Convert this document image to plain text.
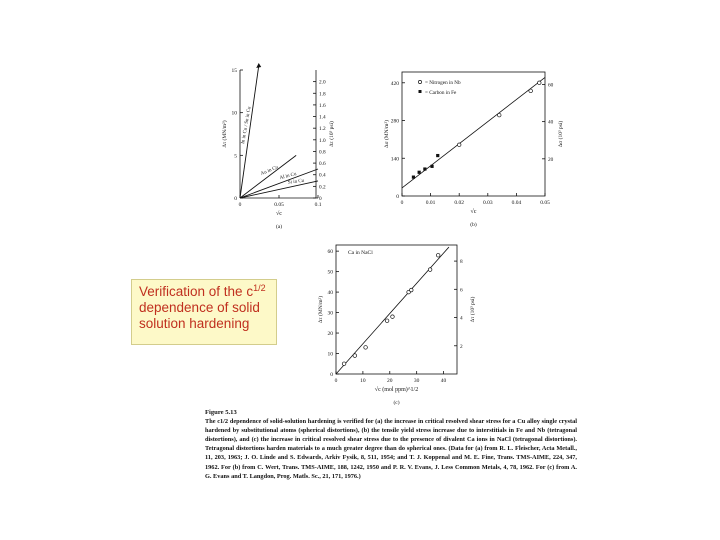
0	0.05	0.1
0
5
10
15
0
0.2
0.4
0.6
0.8
1.0
1.2
1.4
1.6
1.8
2.0
√c
Δτ (MN/m²)	Δτ (10³ psi)
(a)
In in Cu / Sn in Cu
Au in Cu Al in Cu
Si in Cu
0	0.01	0.02	0.03	0.04	0.05
0
140
280
420
20
40
60
√c
Δσ (MN/m²)	Δσ (10³ psi)
(b)
= Nitrogen in Nb
= Carbon in Fe
0	10	20	30	40
0
10
20
30
40
50
60
2
4
6
8
√c (mol ppm)^1/2
Δτ (MN/m²)	Δτ (10³ psi)
(c)
Ca in NaCl
Verification of the $c^{1/2}$
dependence of solid
solution hardening
Figure 5.13
The c1/2 dependence of solid-solution hardening is verified for (a) the increase in critical resolved shear stress for a Cu alloy single crystal hardened by substitutional atoms (spherical distortions), (b) the tensile yield stress increase due to interstitials in Fe and Nb (tetragonal distortions), and (c) the increase in critical resolved shear stress due to the presence of divalent Ca ions in NaCl (tetragonal distortions). Tetragonal distortions harden materials to a much greater degree than do spherical ones. (Data for (a) from R. L. Fleischer, Acta Metall., 11, 203, 1963; J. O. Linde and S. Edwards, Arkiv Fysik, 8, 511, 1954; and T. J. Koppenal and M. E. Fine, Trans. TMS-AIME, 224, 347, 1962. For (b) from C. Wert, Trans. TMS-AIME, 188, 1242, 1950 and P. R. V. Evans, J. Less Common Metals, 4, 78, 1962. For (c) from A. G. Evans and T. Langdon, Prog. Matls. Sc., 21, 171, 1976.)
